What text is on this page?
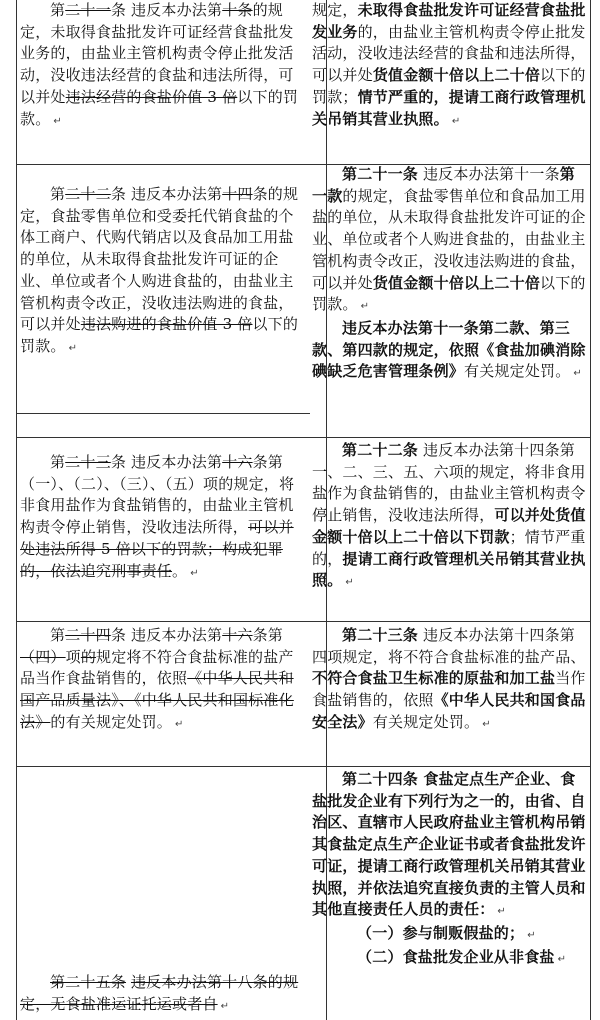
第二十一条 违反本办法第十条的规定，未取得食盐批发许可证经营食盐批发业务的，由盐业主管机构责令停止批发活动，没收违法经营的食盐和违法所得，可以并处违法经营的食盐价值 3 倍以下的罚款。 ↵

规定，未取得食盐批发许可证经营食盐批发业务的，由盐业主管机构责令停止批发活动，没收违法经营的食盐和违法所得，可以并处货值金额十倍以上二十倍以下的罚款；情节严重的，提请工商行政管理机关吊销其营业执照。 ↵

第二十二条 违反本办法第十四条的规定，食盐零售单位和受委托代销食盐的个体工商户、代购代销店以及食品加工用盐的单位，从未取得食盐批发许可证的企业、单位或者个人购进食盐的，由盐业主管机构责令改正，没收违法购进的食盐，可以并处违法购进的食盐价值 3 倍以下的罚款。 ↵

第二十一条 违反本办法第十一条第一款的规定，食盐零售单位和食品加工用盐的单位，从未取得食盐批发许可证的企业、单位或者个人购进食盐的，由盐业主管机构责令改正，没收违法购进的食盐，可以并处货值金额十倍以上二十倍以下的罚款。 ↵

违反本办法第十一条第二款、第三款、第四款的规定，依照《食盐加碘消除碘缺乏危害管理条例》有关规定处罚。 ↵

第二十三条 违反本办法第十六条第（一）、（二）、（三）、（五）项的规定，将非食用盐作为食盐销售的，由盐业主管机构责令停止销售，没收违法所得，可以并处违法所得 5 倍以下的罚款；构成犯罪的，依法追究刑事责任。 ↵

第二十二条 违反本办法第十四条第一、二、三、五、六项的规定，将非食用盐作为食盐销售的，由盐业主管机构责令停止销售，没收违法所得，可以并处货值金额十倍以上二十倍以下罚款；情节严重的，提请工商行政管理机关吊销其营业执照。 ↵

第二十四条 违反本办法第十六条第（四）项的规定将不符合食盐标准的盐产品当作食盐销售的，依照《中华人民共和国产品质量法》、《中华人民共和国标准化法》的有关规定处罚。 ↵

第二十三条 违反本办法第十四条第四项规定，将不符合食盐标准的盐产品、不符合食盐卫生标准的原盐和加工盐当作食盐销售的，依照《中华人民共和国食品安全法》有关规定处罚。 ↵

第二十五条 违反本办法第十八条的规定，无食盐准运证托运或者自 ↵

第二十四条 食盐定点生产企业、食盐批发企业有下列行为之一的，由省、自治区、直辖市人民政府盐业主管机构吊销其食盐定点生产企业证书或者食盐批发许可证，提请工商行政管理机关吊销其营业执照，并依法追究直接负责的主管人员和其他直接责任人员的责任： ↵

（一）参与制贩假盐的； ↵

（二）食盐批发企业从非食盐 ↵
